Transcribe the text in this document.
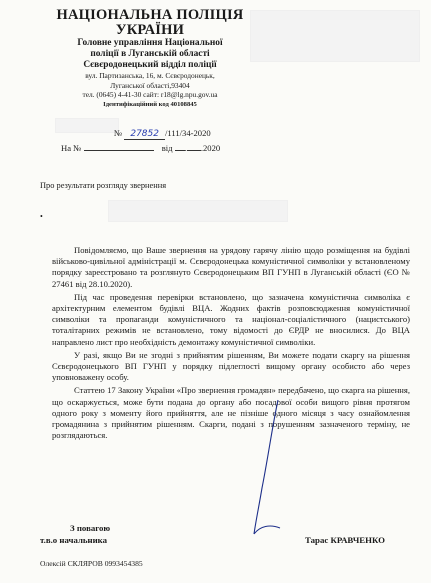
НАЦІОНАЛЬНА ПОЛІЦІЯ
УКРАЇНИ
Головне управління Національної
поліції в Луганській області
Сєвєродонецький відділ поліції
вул. Партизанська, 16, м. Сєвєродонецьк,
Луганської області,93404
тел. (0645) 4-41-30 сайт: r18@lg.npu.gov.ua
Ідентифікаційний код 40108845
•
№ 27852 /111/34-2020
На №	від . .2020
Про результати розгляду звернення

Повідомляємо, що Ваше звернення на урядову гарячу лінію щодо розміщення на будівлі військово-цивільної адміністрації м. Сєвєродонецька комуністичної символіки у встановленому порядку зареєстровано та розглянуто Сєвєродонецьким ВП ГУНП в Луганській області (ЄО № 27461 від 28.10.2020).

Під час проведення перевірки встановлено, що зазначена комуністична символіка є архітектурним елементом будівлі ВЦА. Жодних фактів розповсюдження комуністичної символіки та пропаганди комуністичного та націонал-соціалістичного (нацистського) тоталітарних режимів не встановлено, тому відомості до ЄРДР не вносилися. До ВЦА направлено лист про необхідність демонтажу комуністичної символіки.

У разі, якщо Ви не згодні з прийнятим рішенням, Ви можете подати скаргу на рішення Сєвєродонецького ВП ГУНП у порядку підлеглості вищому органу особисто або через уповноважену особу.

Статтею 17 Закону України «Про звернення громадян» передбачено, що скарга на рішення, що оскаржується, може бути подана до органу або посадової особи вищого рівня протягом одного року з моменту його прийняття, але не пізніше одного місяця з часу ознайомлення громадянина з прийнятим рішенням. Скарги, подані з порушенням зазначеного терміну, не розглядаються.

З повагою
т.в.о начальника	Тарас КРАВЧЕНКО
Олексій СКЛЯРОВ 0993454385
